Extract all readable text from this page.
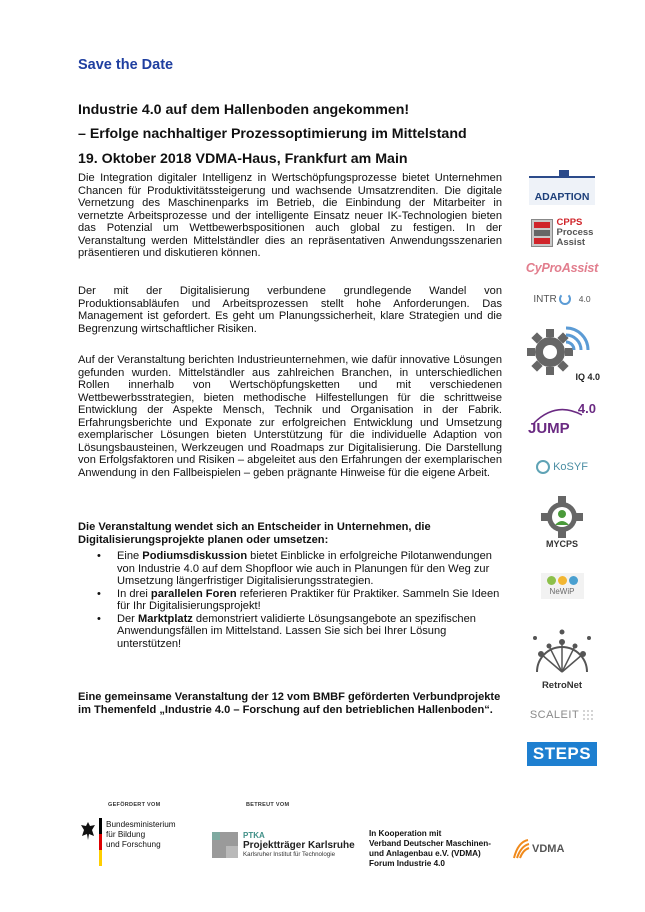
Save the Date
Industrie 4.0 auf dem Hallenboden angekommen!
– Erfolge nachhaltiger Prozessoptimierung im Mittelstand
19. Oktober 2018 VDMA-Haus, Frankfurt am Main

Die Integration digitaler Intelligenz in Wertschöpfungsprozesse bietet Unternehmen Chancen für Produktivitätssteigerung und wachsende Umsatzrenditen. Die digitale Vernetzung des Maschinenparks im Betrieb, die Einbindung der Mitarbeiter in vernetzte Arbeitsprozesse und der intelligente Einsatz neuer IK-Technologien bieten das Potenzial um Wettbewerbspositionen auch global zu festigen. In der Veranstaltung werden Mittelständler dies an repräsentativen Anwendungsszenarien präsentieren und diskutieren können.

Der mit der Digitalisierung verbundene grundlegende Wandel von Produktionsabläufen und Arbeitsprozessen stellt hohe Anforderungen. Das Management ist gefordert. Es geht um Planungssicherheit, klare Strategien und die Begrenzung wirtschaftlicher Risiken.

Auf der Veranstaltung berichten Industrieunternehmen, wie dafür innovative Lösungen gefunden wurden. Mittelständler aus zahlreichen Branchen, in unterschiedlichen Rollen innerhalb von Wertschöpfungsketten und mit verschiedenen Wettbewerbsstrategien, bieten methodische Hilfestellungen für die schrittweise Entwicklung der Aspekte Mensch, Technik und Organisation in der Fabrik. Erfahrungsberichte und Exponate zur erfolgreichen Entwicklung und Umsetzung exemplarischer Lösungen bieten Unterstützung für die individuelle Adaption von Lösungsbausteinen, Werkzeugen und Roadmaps zur Digitalisierung. Die Darstellung von Erfolgsfaktoren und Risiken – abgeleitet aus den Erfahrungen der exemplarischen Anwendung in den Fallbeispielen – geben prägnante Hinweise für die eigene Arbeit.

Die Veranstaltung wendet sich an Entscheider in Unternehmen, die Digitalisierungsprojekte planen oder umsetzen:

• Eine Podiumsdiskussion bietet Einblicke in erfolgreiche Pilotanwendungen von Industrie 4.0 auf dem Shopfloor wie auch in Planungen für den Weg zur Umsetzung längerfristiger Digitalisierungsstrategien.
• In drei parallelen Foren referieren Praktiker für Praktiker. Sammeln Sie Ideen für Ihr Digitalisierungsprojekt!
• Der Marktplatz demonstriert validierte Lösungsangebote an spezifischen Anwendungsfällen im Mittelstand. Lassen Sie sich bei Ihrer Lösung unterstützen!

Eine gemeinsame Veranstaltung der 12 vom BMBF geförderten Verbundprojekte im Themenfeld „Industrie 4.0 – Forschung auf den betrieblichen Hallenboden“.

ADAPTION
CPPS
Process
Assist
CyProAssist
INTR	4.0
IQ 4.0
JUMP
4.0
KoSYF
MYCPS
NeWiP
RetroNet
SCALEIT
STEPS
GEFÖRDERT VOM
Bundesministerium
für Bildung
und Forschung
BETREUT VOM
PTKA
Projektträger Karlsruhe
Karlsruher Institut für Technologie
In Kooperation mit
Verband Deutscher Maschinen-
und Anlagenbau e.V. (VDMA)
Forum Industrie 4.0
VDMA
